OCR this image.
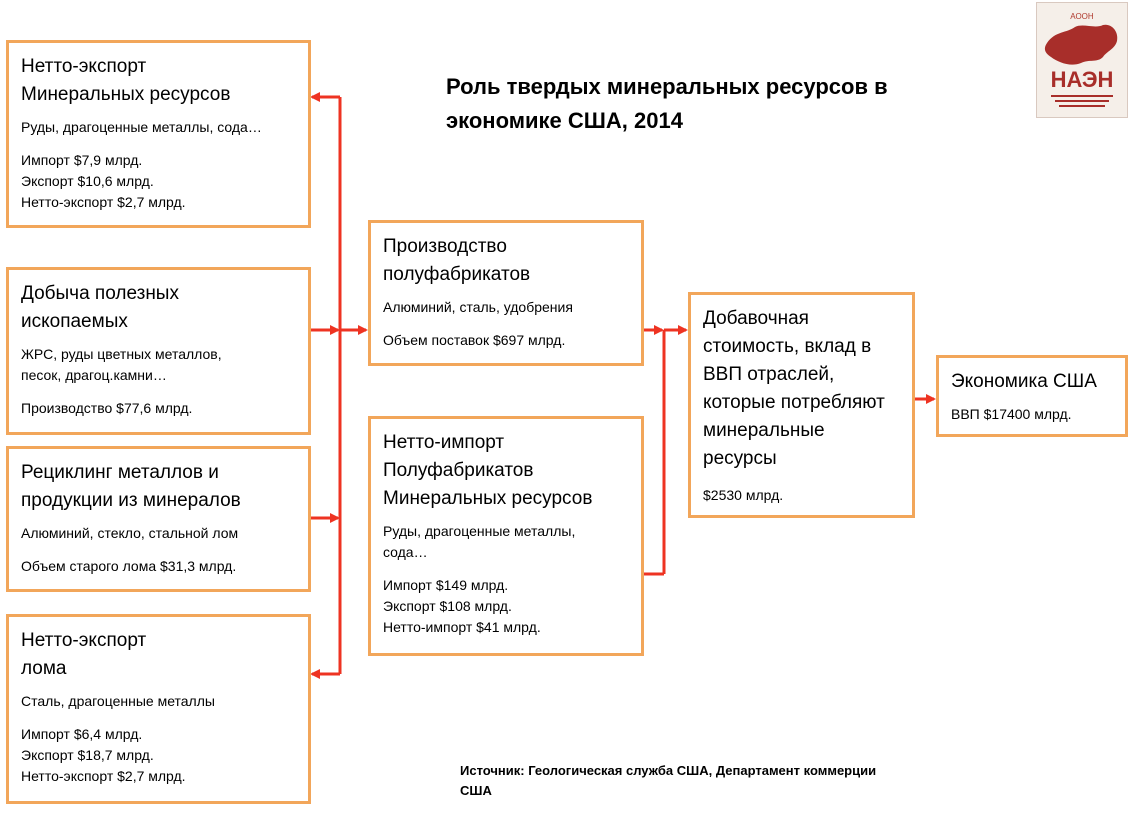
Роль твердых минеральных ресурсов в экономике США, 2014
АООН
НАЭН
Нетто-экспорт
Минеральных ресурсов
Руды, драгоценные металлы, сода…
Импорт $7,9 млрд.
Экспорт $10,6 млрд.
Нетто-экспорт $2,7 млрд.
Добыча полезных
ископаемых
ЖРС, руды цветных металлов,
песок, драгоц.камни…
Производство $77,6 млрд.
Рециклинг металлов и
продукции из минералов
Алюминий, стекло, стальной лом
Объем старого лома $31,3 млрд.
Нетто-экспорт
лома
Сталь, драгоценные металлы
Импорт $6,4 млрд.
Экспорт $18,7 млрд.
Нетто-экспорт $2,7 млрд.
Производство
полуфабрикатов
Алюминий, сталь, удобрения
Объем поставок $697 млрд.
Нетто-импорт
Полуфабрикатов
Минеральных ресурсов
Руды, драгоценные металлы,
сода…
Импорт $149 млрд.
Экспорт $108 млрд.
Нетто-импорт $41 млрд.
Добавочная
стоимость, вклад в
ВВП отраслей,
которые потребляют
минеральные
ресурсы
$2530 млрд.
Экономика США
ВВП $17400 млрд.
Источник: Геологическая служба США, Департамент коммерции США
